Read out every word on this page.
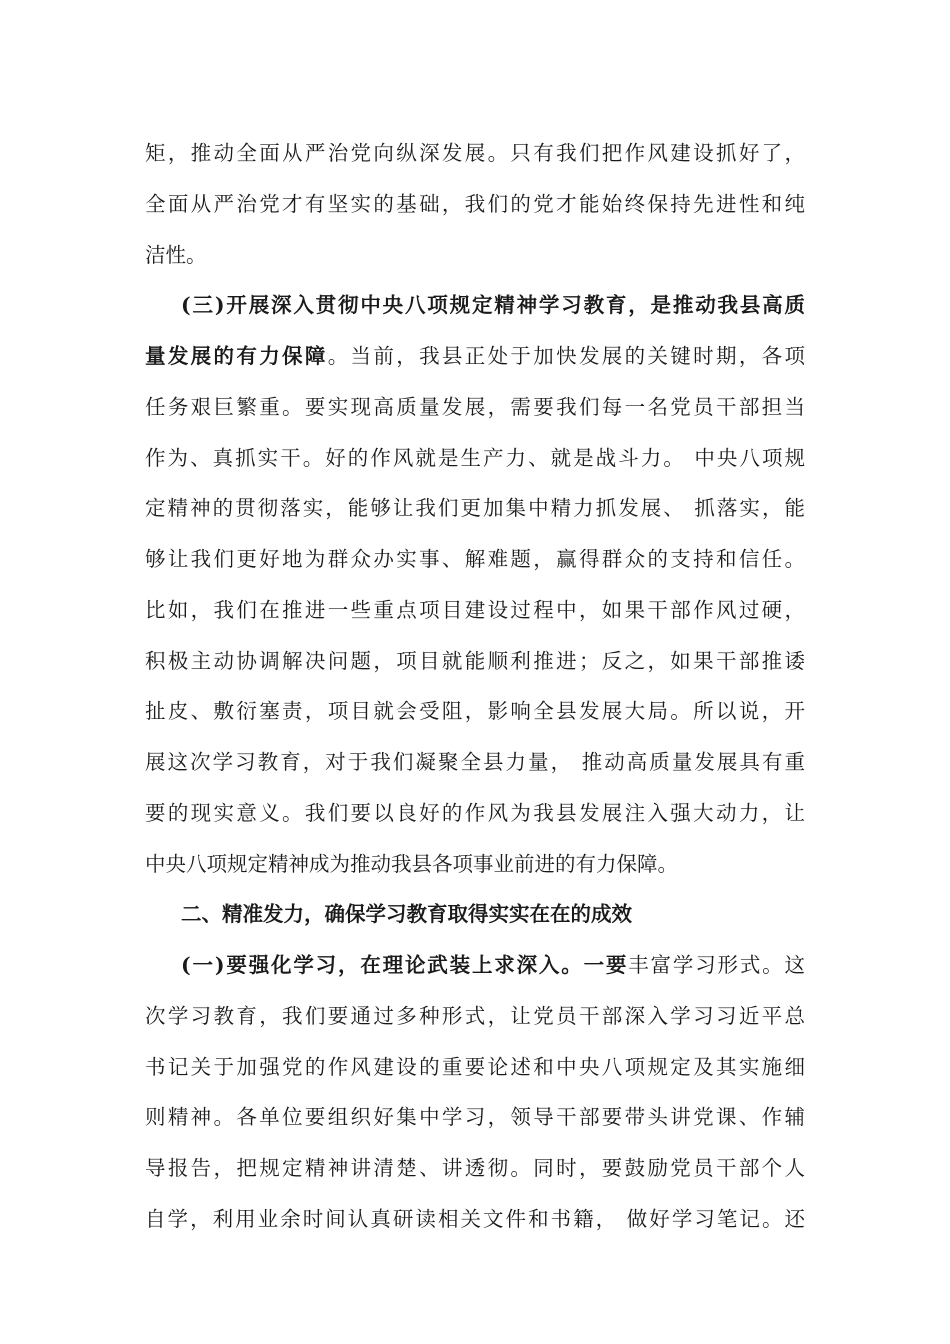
矩，推动全面从严治党向纵深发展。只有我们把作风建设抓好了，
全面从严治党才有坚实的基础，我们的党才能始终保持先进性和纯
洁性。
(三)开展深入贯彻中央八项规定精神学习教育，是推动我县高质
量发展的有力保障。当前，我县正处于加快发展的关键时期，各项
任务艰巨繁重。要实现高质量发展，需要我们每一名党员干部担当
作为、真抓实干。好的作风就是生产力、就是战斗力。 中央八项规
定精神的贯彻落实，能够让我们更加集中精力抓发展、 抓落实，能
够让我们更好地为群众办实事、解难题，赢得群众的支持和信任。
比如，我们在推进一些重点项目建设过程中，如果干部作风过硬，
积极主动协调解决问题，项目就能顺利推进；反之，如果干部推诿
扯皮、敷衍塞责，项目就会受阻，影响全县发展大局。所以说，开
展这次学习教育，对于我们凝聚全县力量， 推动高质量发展具有重
要的现实意义。我们要以良好的作风为我县发展注入强大动力，让
中央八项规定精神成为推动我县各项事业前进的有力保障。
二、精准发力，确保学习教育取得实实在在的成效
(一)要强化学习，在理论武装上求深入。一要丰富学习形式。这
次学习教育，我们要通过多种形式，让党员干部深入学习习近平总
书记关于加强党的作风建设的重要论述和中央八项规定及其实施细
则精神。各单位要组织好集中学习，领导干部要带头讲党课、作辅
导报告，把规定精神讲清楚、讲透彻。同时，要鼓励党员干部个人
自学，利用业余时间认真研读相关文件和书籍， 做好学习笔记。还
